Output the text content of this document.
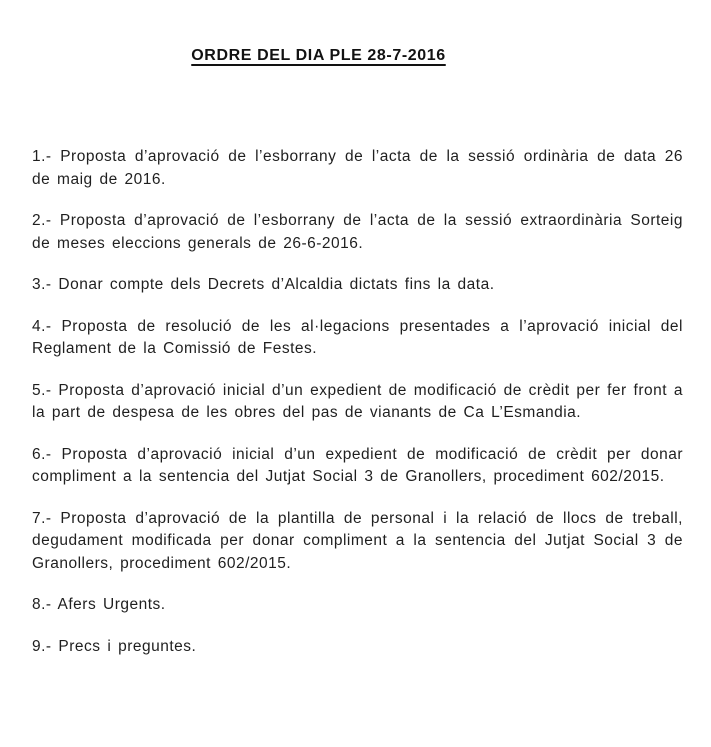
ORDRE DEL DIA PLE 28-7-2016

1.- Proposta d’aprovació de l’esborrany de l’acta de la sessió ordinària de data 26 de maig de 2016.

2.- Proposta d’aprovació de l’esborrany de l’acta de la sessió extraordinària Sorteig de meses eleccions generals de 26-6-2016.

3.- Donar compte dels Decrets d’Alcaldia dictats fins la data.

4.- Proposta de resolució de les al·legacions presentades a l’aprovació inicial del Reglament de la Comissió de Festes.

5.- Proposta d’aprovació inicial d’un expedient de modificació de crèdit per fer front a la part de despesa de les obres del pas de vianants de Ca L’Esmandia.

6.- Proposta d’aprovació inicial d’un expedient de modificació de crèdit per donar compliment a la sentencia del Jutjat Social 3 de Granollers, procediment 602/2015.

7.- Proposta d’aprovació de la plantilla de personal i la relació de llocs de treball, degudament modificada per donar compliment a la sentencia del Jutjat Social 3 de Granollers, procediment 602/2015.

8.- Afers Urgents.

9.- Precs i preguntes.
